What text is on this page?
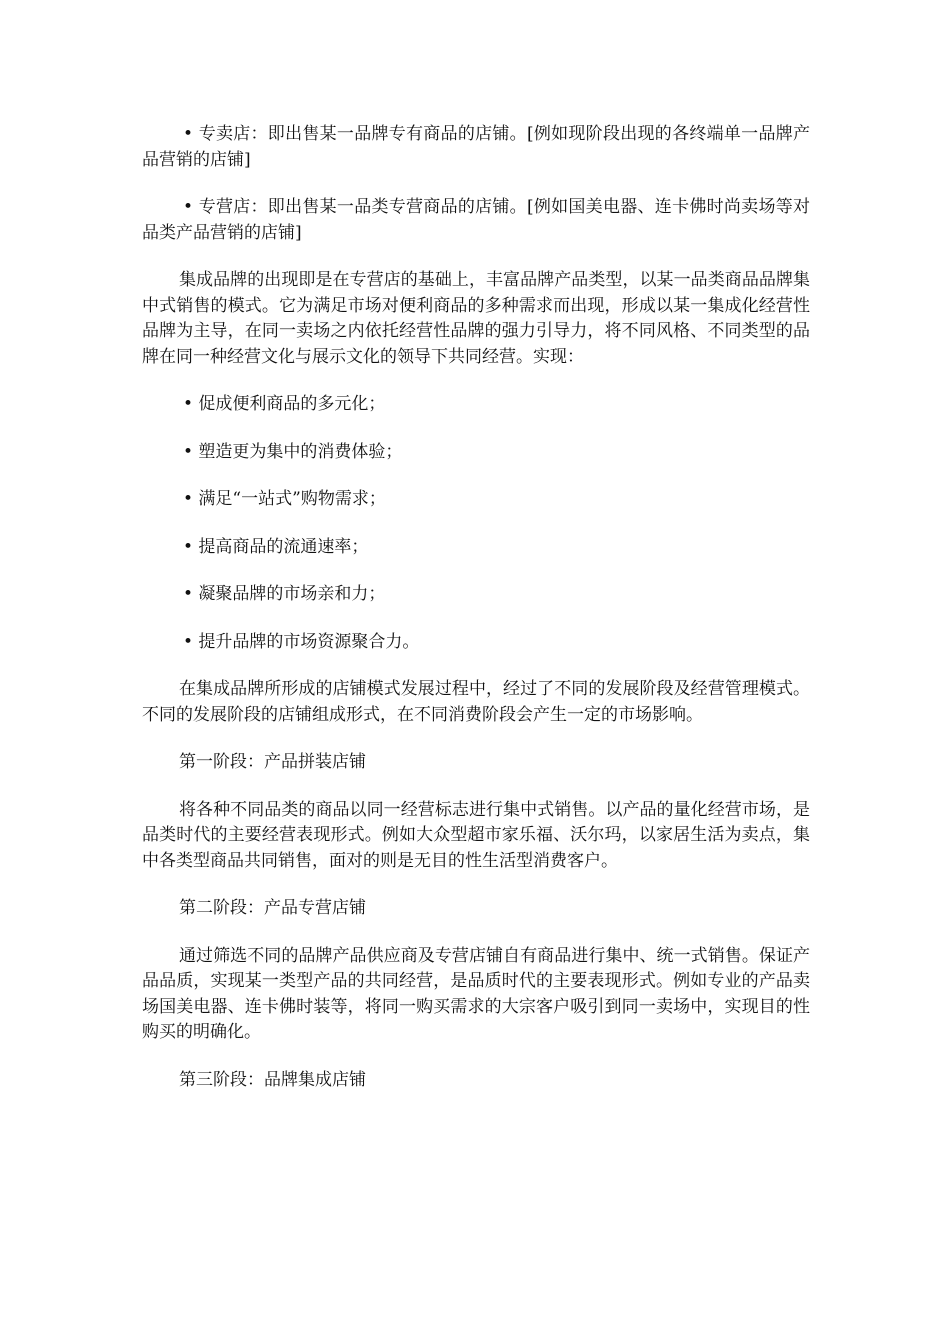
• 专卖店：即出售某一品牌专有商品的店铺。[例如现阶段出现的各终端单一品牌产品营销的店铺]

• 专营店：即出售某一品类专营商品的店铺。[例如国美电器、连卡佛时尚卖场等对品类产品营销的店铺]

集成品牌的出现即是在专营店的基础上，丰富品牌产品类型，以某一品类商品品牌集中式销售的模式。它为满足市场对便利商品的多种需求而出现，形成以某一集成化经营性品牌为主导，在同一卖场之内依托经营性品牌的强力引导力，将不同风格、不同类型的品牌在同一种经营文化与展示文化的领导下共同经营。实现：

• 促成便利商品的多元化；

• 塑造更为集中的消费体验；

• 满足“一站式”购物需求；

• 提高商品的流通速率；

• 凝聚品牌的市场亲和力；

• 提升品牌的市场资源聚合力。

在集成品牌所形成的店铺模式发展过程中，经过了不同的发展阶段及经营管理模式。不同的发展阶段的店铺组成形式，在不同消费阶段会产生一定的市场影响。

第一阶段：产品拼装店铺

将各种不同品类的商品以同一经营标志进行集中式销售。以产品的量化经营市场，是品类时代的主要经营表现形式。例如大众型超市家乐福、沃尔玛，以家居生活为卖点，集中各类型商品共同销售，面对的则是无目的性生活型消费客户。

第二阶段：产品专营店铺

通过筛选不同的品牌产品供应商及专营店铺自有商品进行集中、统一式销售。保证产品品质，实现某一类型产品的共同经营，是品质时代的主要表现形式。例如专业的产品卖场国美电器、连卡佛时装等，将同一购买需求的大宗客户吸引到同一卖场中，实现目的性购买的明确化。

第三阶段：品牌集成店铺
